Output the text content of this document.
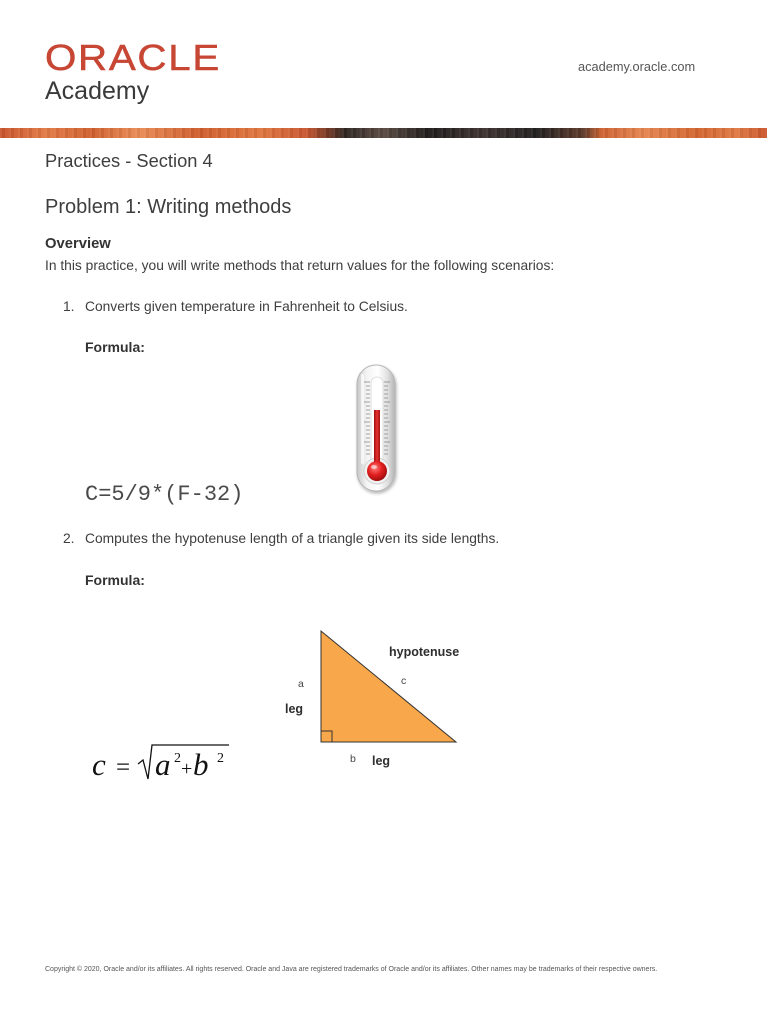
ORACLE
Academy
academy.oracle.com
Practices - Section 4
Problem 1: Writing methods
Overview
In this practice, you will write methods that return values for the following scenarios:
1. Converts given temperature in Fahrenheit to Celsius.
Formula:
C=5/9*(F-32)
2. Computes the hypotenuse length of a triangle given its side lengths.
Formula:
hypotenuse
c
a
leg
b leg
c = a 2 + b 2
Copyright © 2020, Oracle and/or its affiliates. All rights reserved. Oracle and Java are registered trademarks of Oracle and/or its affiliates. Other names may be trademarks of their respective owners.
